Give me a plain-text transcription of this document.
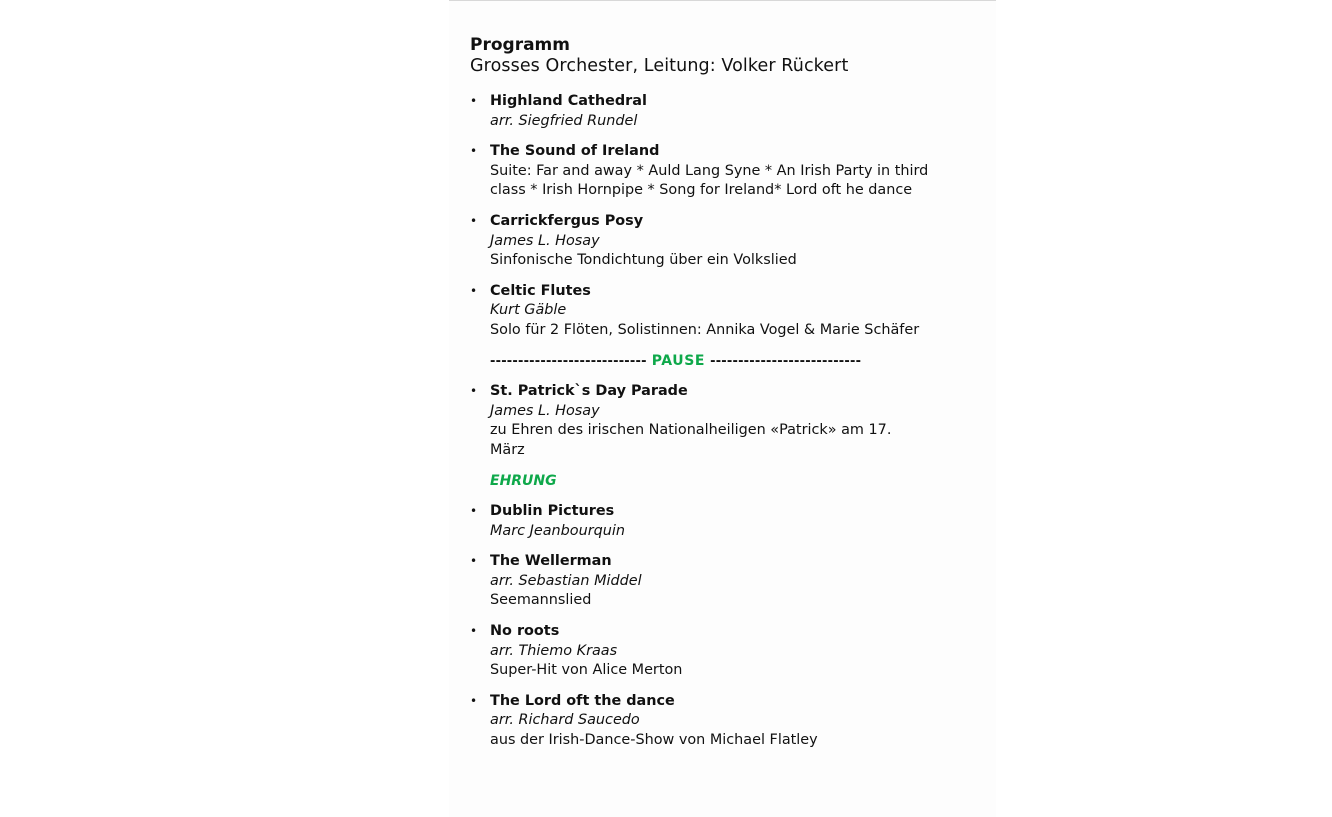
Programm

Grosses Orchester, Leitung: Volker Rückert

• Highland Cathedral
arr. Siegfried Rundel
• The Sound of Ireland
Suite: Far and away * Auld Lang Syne * An Irish Party in third class * Irish Hornpipe * Song for Ireland* Lord oft he dance
• Carrickfergus Posy
James L. Hosay
Sinfonische Tondichtung über ein Volkslied
• Celtic Flutes
Kurt Gäble
Solo für 2 Flöten, Solistinnen: Annika Vogel & Marie Schäfer
---------------------------- PAUSE ---------------------------
• St. Patrick`s Day Parade
James L. Hosay
zu Ehren des irischen Nationalheiligen «Patrick» am 17. März
EHRUNG
• Dublin Pictures
Marc Jeanbourquin
• The Wellerman
arr. Sebastian Middel
Seemannslied
• No roots
arr. Thiemo Kraas
Super-Hit von Alice Merton
• The Lord oft the dance
arr. Richard Saucedo
aus der Irish-Dance-Show von Michael Flatley
